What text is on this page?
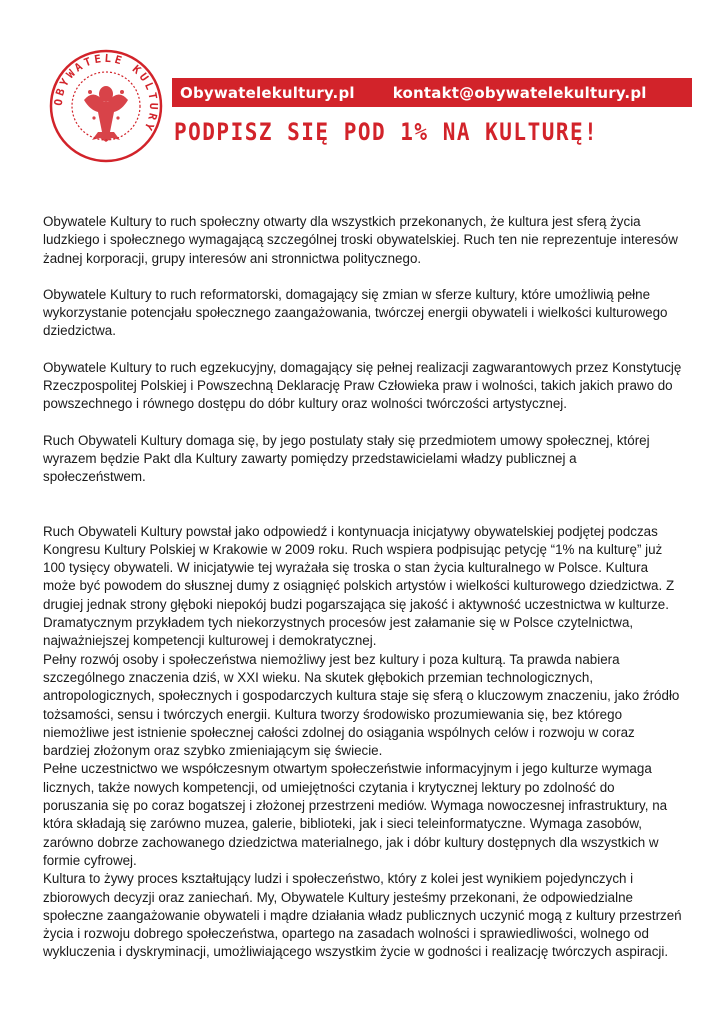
OBYWATELE KULTURY
Obywatelekultury.pl	kontakt@obywatelekultury.pl
PODPISZ SIĘ POD 1% NA KULTURĘ!

Obywatele Kultury to ruch społeczny otwarty dla wszystkich przekonanych, że kultura jest sferą życia ludzkiego i społecznego wymagającą szczególnej troski obywatelskiej. Ruch ten nie reprezentuje interesów żadnej korporacji, grupy interesów ani stronnictwa politycznego.

Obywatele Kultury to ruch reformatorski, domagający się zmian w sferze kultury, które umożliwią pełne wykorzystanie potencjału społecznego zaangażowania, twórczej energii obywateli i wielkości kulturowego dziedzictwa.

Obywatele Kultury to ruch egzekucyjny, domagający się pełnej realizacji zagwarantowych przez Konstytucję Rzeczpospolitej Polskiej i Powszechną Deklarację Praw Człowieka praw i wolności, takich jakich prawo do powszechnego i równego dostępu do dóbr kultury oraz wolności twórczości artystycznej.

Ruch Obywateli Kultury domaga się, by jego postulaty stały się przedmiotem umowy społecznej, której wyrazem będzie Pakt dla Kultury zawarty pomiędzy przedstawicielami władzy publicznej a społeczeństwem.

Ruch Obywateli Kultury powstał jako odpowiedź i kontynuacja inicjatywy obywatelskiej podjętej podczas Kongresu Kultury Polskiej w Krakowie w 2009 roku. Ruch wspiera podpisując petycję “1% na kulturę” już 100 tysięcy obywateli. W inicjatywie tej wyrażała się troska o stan życia kulturalnego w Polsce. Kultura może być powodem do słusznej dumy z osiągnięć polskich artystów i wielkości kulturowego dziedzictwa. Z drugiej jednak strony głęboki niepokój budzi pogarszająca się jakość i aktywność uczestnictwa w kulturze. Dramatycznym przykładem tych niekorzystnych procesów jest załamanie się w Polsce czytelnictwa, najważniejszej kompetencji kulturowej i demokratycznej.

Pełny rozwój osoby i społeczeństwa niemożliwy jest bez kultury i poza kulturą. Ta prawda nabiera szczególnego znaczenia dziś, w XXI wieku. Na skutek głębokich przemian technologicznych, antropologicznych, społecznych i gospodarczych kultura staje się sferą o kluczowym znaczeniu, jako źródło tożsamości, sensu i twórczych energii. Kultura tworzy środowisko prozumiewania się, bez którego niemożliwe jest istnienie społecznej całości zdolnej do osiągania wspólnych celów i rozwoju w coraz bardziej złożonym oraz szybko zmieniającym się świecie.

Pełne uczestnictwo we współczesnym otwartym społeczeństwie informacyjnym i jego kulturze wymaga licznych, także nowych kompetencji, od umiejętności czytania i krytycznej lektury po zdolność do poruszania się po coraz bogatszej i złożonej przestrzeni mediów. Wymaga nowoczesnej infrastruktury, na która składają się zarówno muzea, galerie, biblioteki, jak i sieci teleinformatyczne. Wymaga zasobów, zarówno dobrze zachowanego dziedzictwa materialnego, jak i dóbr kultury dostępnych dla wszystkich w formie cyfrowej.

Kultura to żywy proces kształtujący ludzi i społeczeństwo, który z kolei jest wynikiem pojedynczych i zbiorowych decyzji oraz zaniechań. My, Obywatele Kultury jesteśmy przekonani, że odpowiedzialne społeczne zaangażowanie obywateli i mądre działania władz publicznych uczynić mogą z kultury przestrzeń życia i rozwoju dobrego społeczeństwa, opartego na zasadach wolności i sprawiedliwości, wolnego od wykluczenia i dyskryminacji, umożliwiającego wszystkim życie w godności i realizację twórczych aspiracji.
